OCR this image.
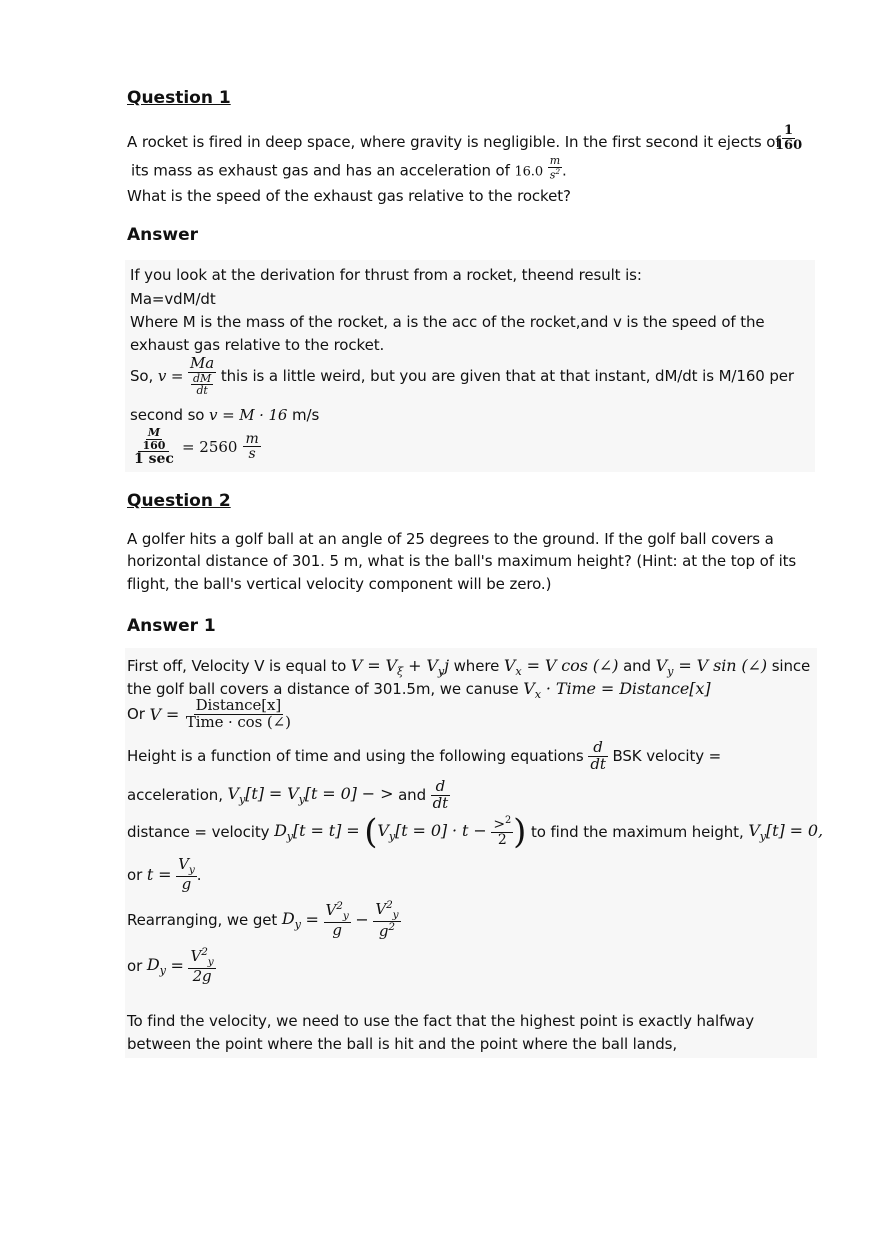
Question 1
A rocket is fired in deep space, where gravity is negligible. In the first second it ejects of
$\frac{1}{160}$
its mass as exhaust gas and has an acceleration of $16.0 \frac{m}{s^2}$ .
What is the speed of the exhaust gas relative to the rocket?
Answer
If you look at the derivation for thrust from a rocket, theend result is:
Ma=vdM/dt
Where M is the mass of the rocket, a is the acc of the rocket,and v is the speed of the
exhaust gas relative to the rocket.
So,
v =
$\frac{Ma}{\frac{dM}{dt}}$
this is a little weird, but you are given that at that instant, dM/dt is M/160 per
second so v = M · 16 m/s
$\frac{\frac{M}{160}}{1 \sec} = 2560 \frac{m}{s}$
Question 2
A golfer hits a golf ball at an angle of 25 degrees to the ground. If the golf ball covers a
horizontal distance of 301. 5 m, what is the ball's maximum height? (Hint: at the top of its
flight, the ball's vertical velocity component will be zero.)
Answer 1
First off, Velocity V is equal to $V = V_\xi + V_yj$ where $V_x = V$ cos (∠) and $V_y = V$ sin (∠) since
the golf ball covers a distance of 301.5m, we canuse $V_x$ · Time = Distance[x]
Or
V =
$\frac{\text{Distance[x]}}{\text{Time · cos (∠)}}$
Height is a function of time and using the following equations
$\frac{d}{dt}$
BSK velocity =
acceleration,
$V_y[t] = V_y[t = 0]$ − >
and
$\frac{d}{dt}$
distance = velocity
$D_y[t = t]$ =
( $V_y[t = 0] \cdot t$ −
$\frac{>^2}{2}$ )
to find the maximum height,
$V_y[t] = 0$,
or
t =
$\frac{V_y}{g}$ .
Rearranging, we get
$D_y$
=
$\frac{V^2_y}{g}$
−
$\frac{V^2_y}{g^2}$
or
$D_y$
=
$\frac{V^2_y}{2g}$
To find the velocity, we need to use the fact that the highest point is exactly halfway
between the point where the ball is hit and the point where the ball lands,
